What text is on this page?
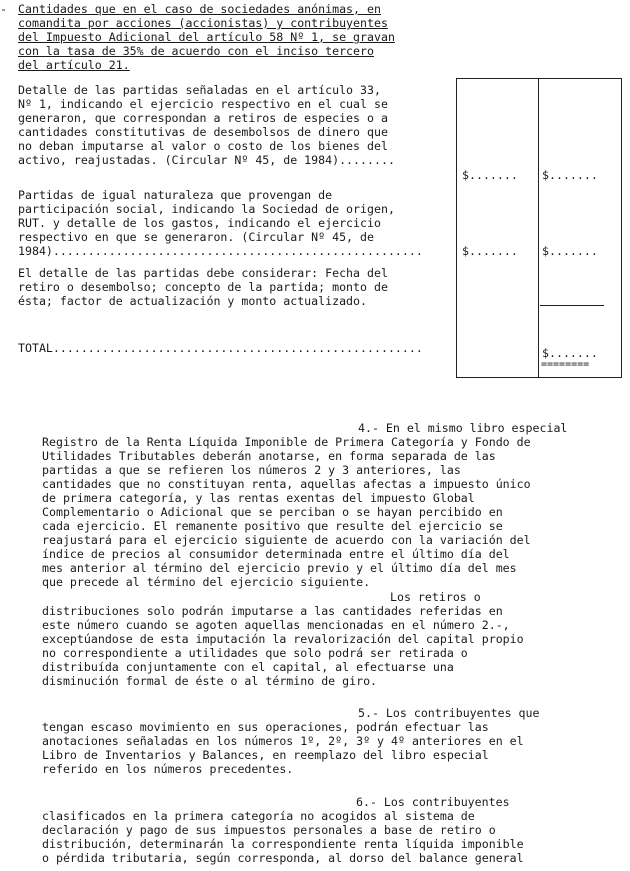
- Cantidades que en el caso de sociedades anónimas, en
comandita por acciones (accionistas) y contribuyentes
del Impuesto Adicional del artículo 58 Nº 1, se gravan
con la tasa de 35% de acuerdo con el inciso tercero
del artículo 21.
Detalle de las partidas señaladas en el artículo 33,
Nº 1, indicando el ejercicio respectivo en el cual se
generaron, que correspondan a retiros de especies o a
cantidades constitutivas de desembolsos de dinero que
no deban imputarse al valor o costo de los bienes del
activo, reajustadas. (Circular Nº 45, de 1984)........
$....... $.......
Partidas de igual naturaleza que provengan de
participación social, indicando la Sociedad de origen,
RUT. y detalle de los gastos, indicando el ejercicio
respectivo en que se generaron. (Circular Nº 45, de
1984).....................................................	$....... $.......
El detalle de las partidas debe considerar: Fecha del
retiro o desembolso; concepto de la partida; monto de
ésta; factor de actualización y monto actualizado.
TOTAL.....................................................	$.......
========
4.- En el mismo libro especial
Registro de la Renta Líquida Imponible de Primera Categoría y Fondo de
Utilidades Tributables deberán anotarse, en forma separada de las
partidas a que se refieren los números 2 y 3 anteriores, las
cantidades que no constituyan renta, aquellas afectas a impuesto único
de primera categoría, y las rentas exentas del impuesto Global
Complementario o Adicional que se perciban o se hayan percibido en
cada ejercicio. El remanente positivo que resulte del ejercicio se
reajustará para el ejercicio siguiente de acuerdo con la variación del
índice de precios al consumidor determinada entre el último día del
mes anterior al término del ejercicio previo y el último día del mes
que precede al término del ejercicio siguiente.
Los retiros o
distribuciones solo podrán imputarse a las cantidades referidas en
este número cuando se agoten aquellas mencionadas en el número 2.-,
exceptúandose de esta imputación la revalorización del capital propio
no correspondiente a utilidades que solo podrá ser retirada o
distribuída conjuntamente con el capital, al efectuarse una
disminución formal de éste o al término de giro.
5.- Los contribuyentes que
tengan escaso movimiento en sus operaciones, podrán efectuar las
anotaciones señaladas en los números 1º, 2º, 3º y 4º anteriores en el
Libro de Inventarios y Balances, en reemplazo del libro especial
referido en los números precedentes.
6.- Los contribuyentes
clasificados en la primera categoría no acogidos al sistema de
declaración y pago de sus impuestos personales a base de retiro o
distribución, determinarán la correspondiente renta líquida imponible
o pérdida tributaria, según corresponda, al dorso del balance general
